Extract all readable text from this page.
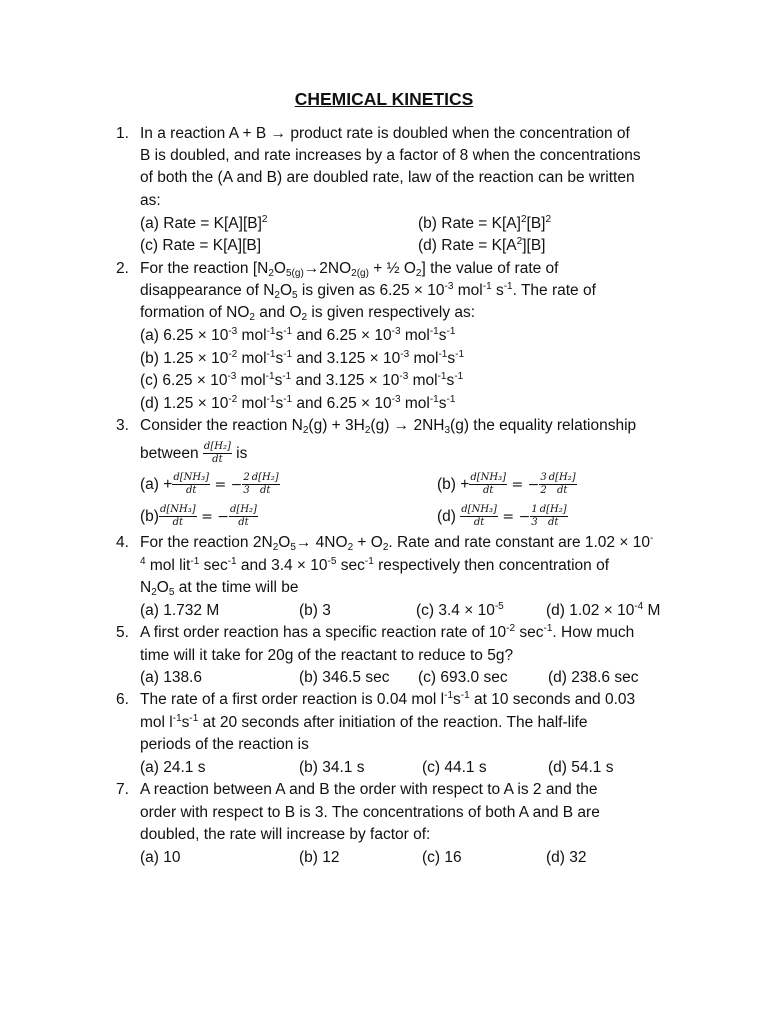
CHEMICAL KINETICS
1. In a reaction A + B → product rate is doubled when the concentration of
B is doubled, and rate increases by a factor of 8 when the concentrations
of both the (A and B) are doubled rate, law of the reaction can be written
as:
(a) Rate = $K[A][B]^2$	(b) Rate = $K[A]^2[B]^2$
(c) Rate = K[A][B]	(d) Rate = $K[A^2][B]$
2. For the reaction [$N_2O_{5(g)}\to 2NO_{2(g)}$ + ½ $O_2$] the value of rate of
disappearance of $N_2O_5$ is given as $6.25 \times 10^{-3}$ mol$^{-1}$ $s^{-1}$. The rate of
formation of $NO_2$ and $O_2$ is given respectively as:
(a) $6.25 \times 10^{-3}$ $mol^{-1}s^{-1}$ and $6.25 \times 10^{-3}$ $mol^{-1}s^{-1}$
(b) $1.25 \times 10^{-2}$ $mol^{-1}s^{-1}$ and $3.125 \times 10^{-3}$ $mol^{-1}s^{-1}$
(c) $6.25 \times 10^{-3}$ $mol^{-1}s^{-1}$ and $3.125 \times 10^{-3}$ $mol^{-1}s^{-1}$
(d) $1.25 \times 10^{-2}$ $mol^{-1}s^{-1}$ and $6.25 \times 10^{-3}$ $mol^{-1}s^{-1}$
3. Consider the reaction $N_2(g) + 3H_2(g) \to 2NH_3(g)$ the equality relationship
between $\frac{\text{d[H₂]}}{dt}$ is
$(a) + \frac{\text{d[NH₃]}}{dt}$ = − $\frac{2}{3} \frac{\text{d[H₂]}}{dt}$	$(b) + \frac{\text{d[NH₃]}}{dt}$ = − $\frac{3}{2} \frac{\text{d[H₂]}}{dt}$
$(b) \frac{\text{d[NH₃]}}{dt}$ = − $\frac{\text{d[H₂]}}{dt}$	$(d) \frac{\text{d[NH₃]}}{dt}$ = − $\frac{1}{3} \frac{\text{d[H₂]}}{dt}$
4. For the reaction $2N_2O_5\to 4NO_2 + O_2$. Rate and rate constant are 1.02 × 10-
$^4$ mol lit$^{-1}$ $\sec^{-1}$ and $3.4 \times 10^{-5}$ $\sec^{-1}$ respectively then concentration of
$N_2O_5$ at the time will be
(a) 1.732 M	(b) 3	(c) $3.4 \times 10^{-5}$	(d) $1.02 \times 10^{-4}$ M
5. A first order reaction has a specific reaction rate of $10^{-2}$ $\sec^{-1}$. How much
time will it take for 20g of the reactant to reduce to 5g?
(a) 138.6	(b) 346.5 sec (c) 693.0 sec	(d) 238.6 sec
6. The rate of a first order reaction is 0.04 mol $l^{-1}s^{-1}$ at 10 seconds and 0.03
mol $l^{-1}s^{-1}$ at 20 seconds after initiation of the reaction. The half-life
periods of the reaction is
(a) 24.1 s	(b) 34.1 s	(c) 44.1 s	(d) 54.1 s
7. A reaction between A and B the order with respect to A is 2 and the
order with respect to B is 3. The concentrations of both A and B are
doubled, the rate will increase by factor of:
(a) 10	(b) 12	(c) 16	(d) 32
